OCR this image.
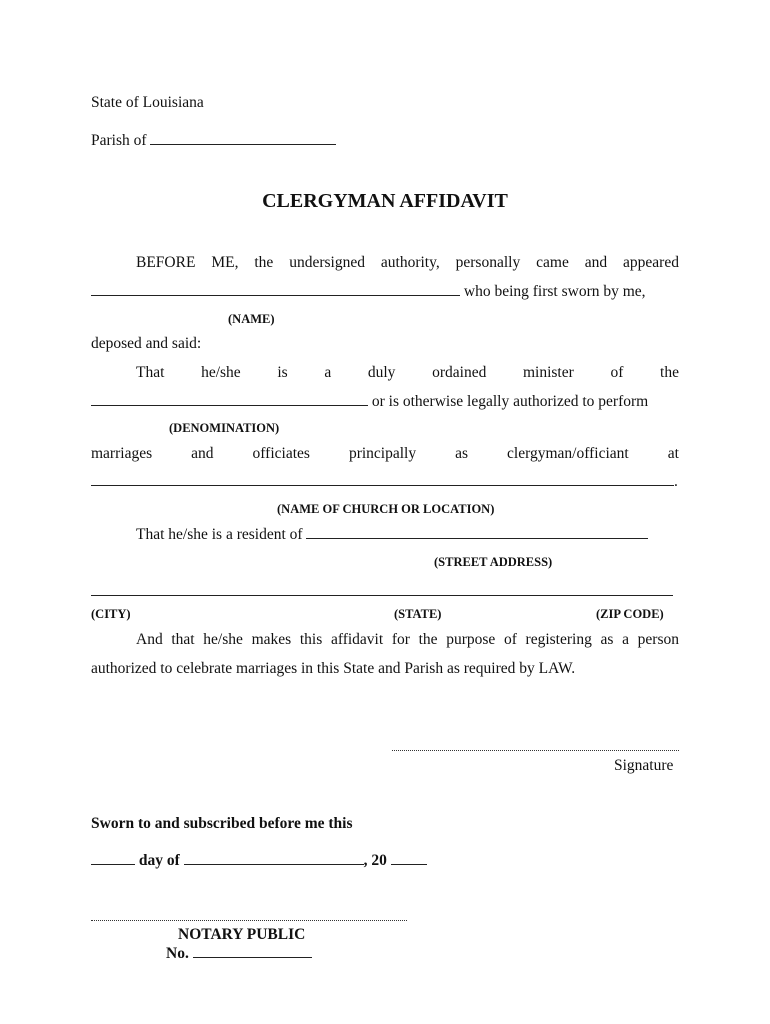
State of Louisiana
Parish of
CLERGYMAN AFFIDAVIT
BEFORE ME, the undersigned authority, personally came and appeared
who being first sworn by me,
(NAME)
deposed and said:
That he/she is a duly ordained minister of the
or is otherwise legally authorized to perform
(DENOMINATION)
marriages	and	officiates	principally	as	clergyman/officiant	at
.
(NAME OF CHURCH OR LOCATION)
That he/she is a resident of
(STREET ADDRESS)
(CITY)	(STATE)	(ZIP CODE)
And that he/she makes this affidavit for the purpose of registering as a person
authorized to celebrate marriages in this State and Parish as required by LAW.
Signature
Sworn to and subscribed before me this
day of	, 20
NOTARY PUBLIC
No.
